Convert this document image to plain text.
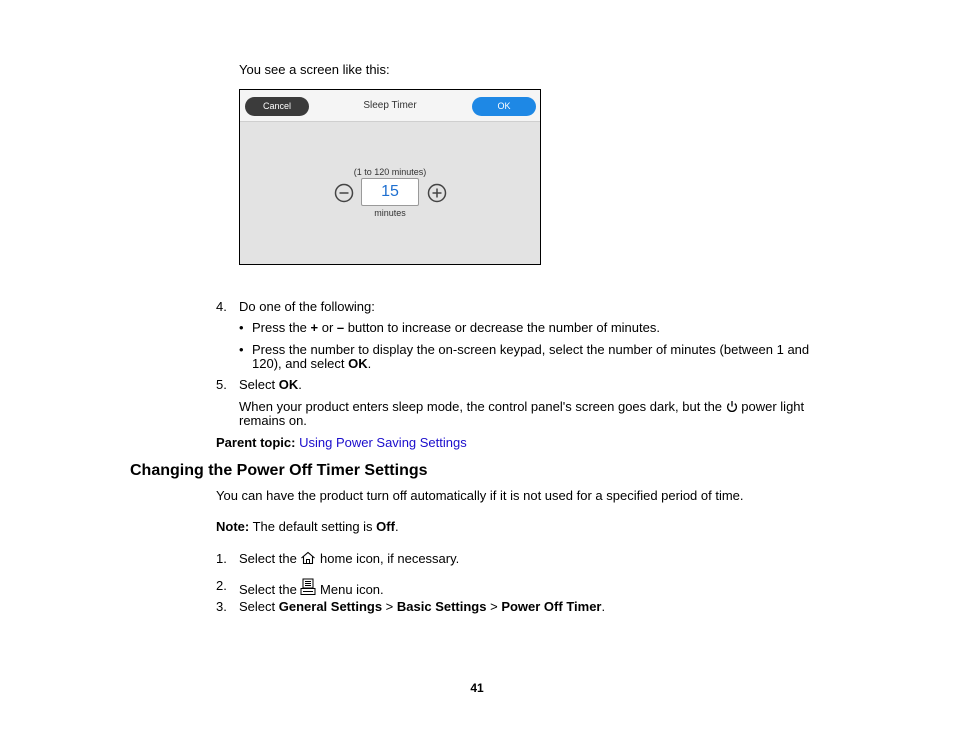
You see a screen like this:
Cancel	Sleep Timer	OK
(1 to 120 minutes)
15
minutes
4. Do one of the following:
• Press the + or – button to increase or decrease the number of minutes.
• Press the number to display the on-screen keypad, select the number of minutes (between 1 and
120), and select OK.
5. Select OK.
When your product enters sleep mode, the control panel's screen goes dark, but the  power light
remains on.
Parent topic: Using Power Saving Settings
Changing the Power Off Timer Settings
You can have the product turn off automatically if it is not used for a specified period of time.
Note: The default setting is Off.
1. Select the  home icon, if necessary.
2. Select the  Menu icon.
3. Select General Settings > Basic Settings > Power Off Timer.
41
